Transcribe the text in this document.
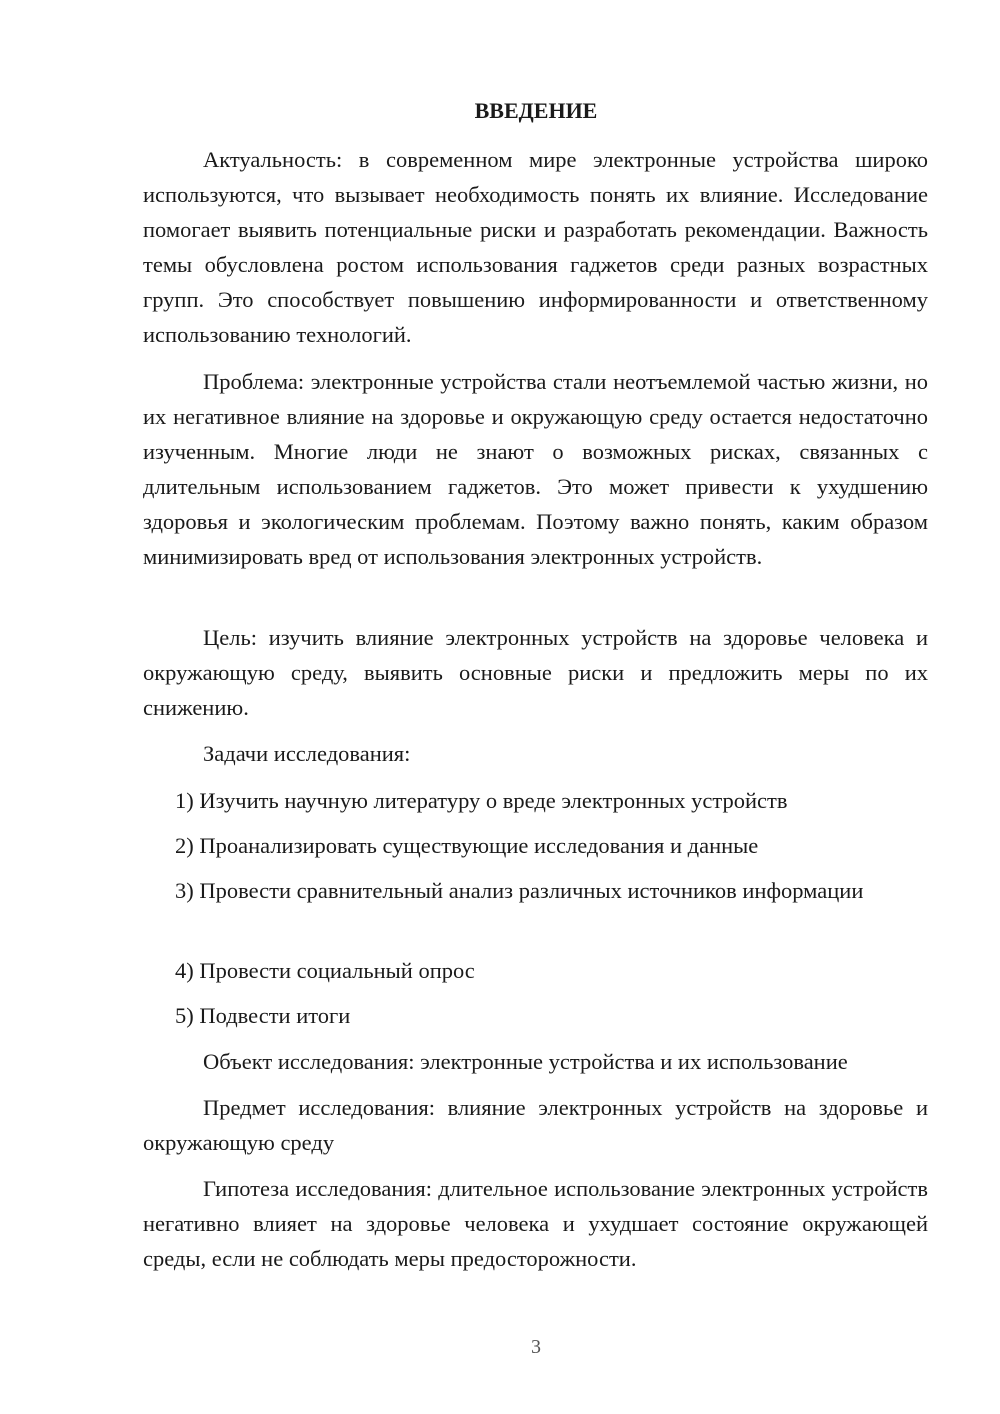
ВВЕДЕНИЕ

Актуальность: в современном мире электронные устройства широко используются, что вызывает необходимость понять их влияние. Исследование помогает выявить потенциальные риски и разработать рекомендации. Важность темы обусловлена ростом использования гаджетов среди разных возрастных групп. Это способствует повышению информированности и ответственному использованию технологий.

Проблема: электронные устройства стали неотъемлемой частью жизни, но их негативное влияние на здоровье и окружающую среду остается недостаточно изученным. Многие люди не знают о возможных рисках, связанных с длительным использованием гаджетов. Это может привести к ухудшению здоровья и экологическим проблемам. Поэтому важно понять, каким образом минимизировать вред от использования электронных устройств.

Цель: изучить влияние электронных устройств на здоровье человека и окружающую среду, выявить основные риски и предложить меры по их снижению.

Задачи исследования:

1) Изучить научную литературу о вреде электронных устройств

2) Проанализировать существующие исследования и данные

3) Провести сравнительный анализ различных источников информации

4) Провести социальный опрос

5) Подвести итоги

Объект исследования: электронные устройства и их использование

Предмет исследования: влияние электронных устройств на здоровье и окружающую среду

Гипотеза исследования: длительное использование электронных устройств негативно влияет на здоровье человека и ухудшает состояние окружающей среды, если не соблюдать меры предосторожности.

3
